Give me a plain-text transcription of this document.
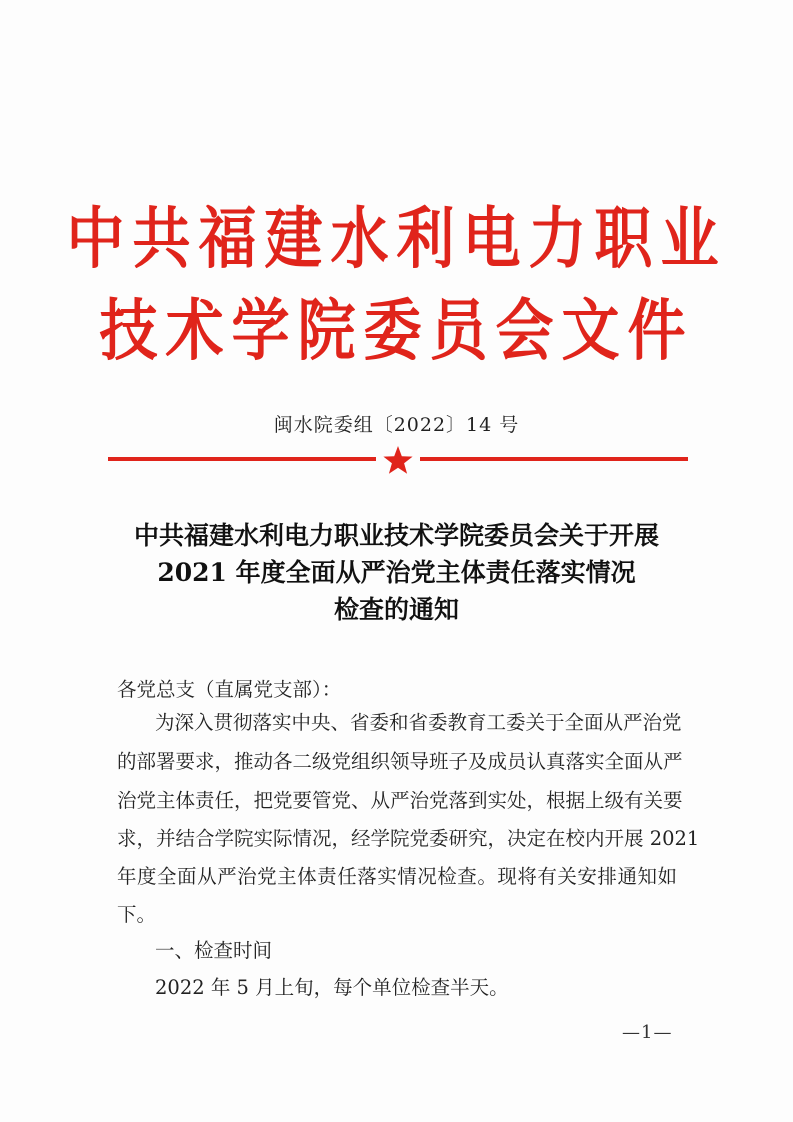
中共福建水利电力职业
技术学院委员会文件
闽水院委组〔2022〕14 号
中共福建水利电力职业技术学院委员会关于开展
2021 年度全面从严治党主体责任落实情况
检查的通知
各党总支（直属党支部）：
为深入贯彻落实中央、省委和省委教育工委关于全面从严治党
的部署要求，推动各二级党组织领导班子及成员认真落实全面从严
治党主体责任，把党要管党、从严治党落到实处，根据上级有关要
求，并结合学院实际情况，经学院党委研究，决定在校内开展 2021
年度全面从严治党主体责任落实情况检查。现将有关安排通知如
下。
一、检查时间
2022 年 5 月上旬，每个单位检查半天。
—1—
